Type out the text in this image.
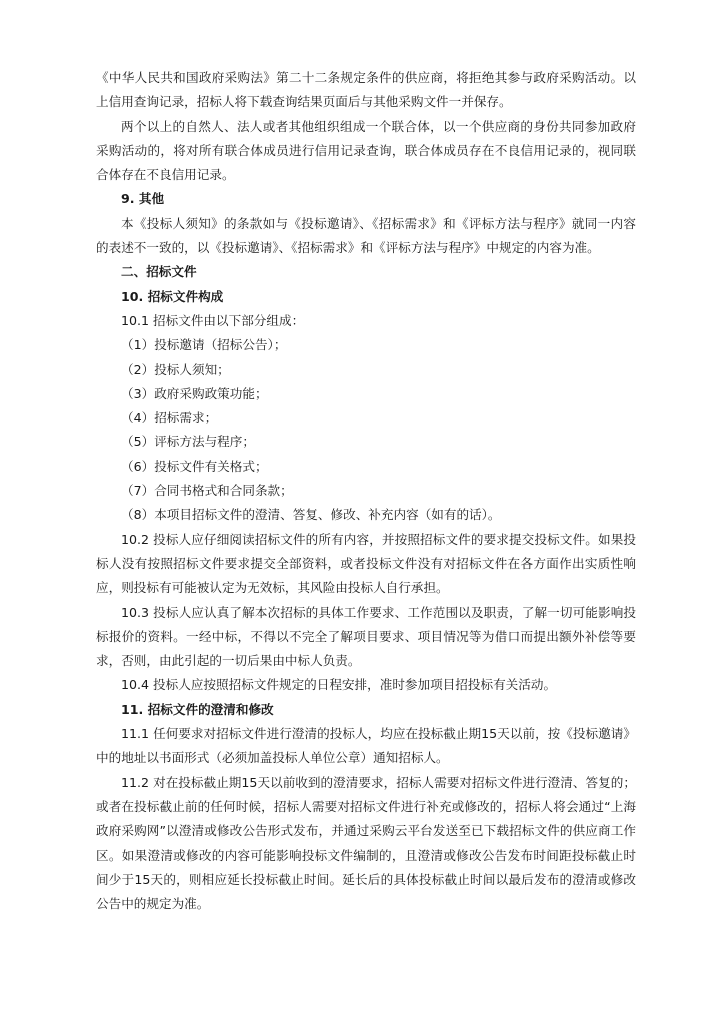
《中华人民共和国政府采购法》第二十二条规定条件的供应商，将拒绝其参与政府采购活动。以上信用查询记录，招标人将下载查询结果页面后与其他采购文件一并保存。

两个以上的自然人、法人或者其他组织组成一个联合体，以一个供应商的身份共同参加政府采购活动的，将对所有联合体成员进行信用记录查询，联合体成员存在不良信用记录的，视同联合体存在不良信用记录。

9. 其他

本《投标人须知》的条款如与《投标邀请》、《招标需求》和《评标方法与程序》就同一内容的表述不一致的，以《投标邀请》、《招标需求》和《评标方法与程序》中规定的内容为准。

二、招标文件

10. 招标文件构成

10.1 招标文件由以下部分组成：

（1）投标邀请（招标公告）；

（2）投标人须知；

（3）政府采购政策功能；

（4）招标需求；

（5）评标方法与程序；

（6）投标文件有关格式；

（7）合同书格式和合同条款；

（8）本项目招标文件的澄清、答复、修改、补充内容（如有的话）。

10.2 投标人应仔细阅读招标文件的所有内容，并按照招标文件的要求提交投标文件。如果投标人没有按照招标文件要求提交全部资料，或者投标文件没有对招标文件在各方面作出实质性响应，则投标有可能被认定为无效标，其风险由投标人自行承担。

10.3 投标人应认真了解本次招标的具体工作要求、工作范围以及职责，了解一切可能影响投标报价的资料。一经中标，不得以不完全了解项目要求、项目情况等为借口而提出额外补偿等要求，否则，由此引起的一切后果由中标人负责。

10.4 投标人应按照招标文件规定的日程安排，准时参加项目招投标有关活动。

11. 招标文件的澄清和修改

11.1 任何要求对招标文件进行澄清的投标人，均应在投标截止期15天以前，按《投标邀请》中的地址以书面形式（必须加盖投标人单位公章）通知招标人。

11.2 对在投标截止期15天以前收到的澄清要求，招标人需要对招标文件进行澄清、答复的；或者在投标截止前的任何时候，招标人需要对招标文件进行补充或修改的，招标人将会通过“上海政府采购网”以澄清或修改公告形式发布，并通过采购云平台发送至已下载招标文件的供应商工作区。如果澄清或修改的内容可能影响投标文件编制的，且澄清或修改公告发布时间距投标截止时间少于15天的，则相应延长投标截止时间。延长后的具体投标截止时间以最后发布的澄清或修改公告中的规定为准。
